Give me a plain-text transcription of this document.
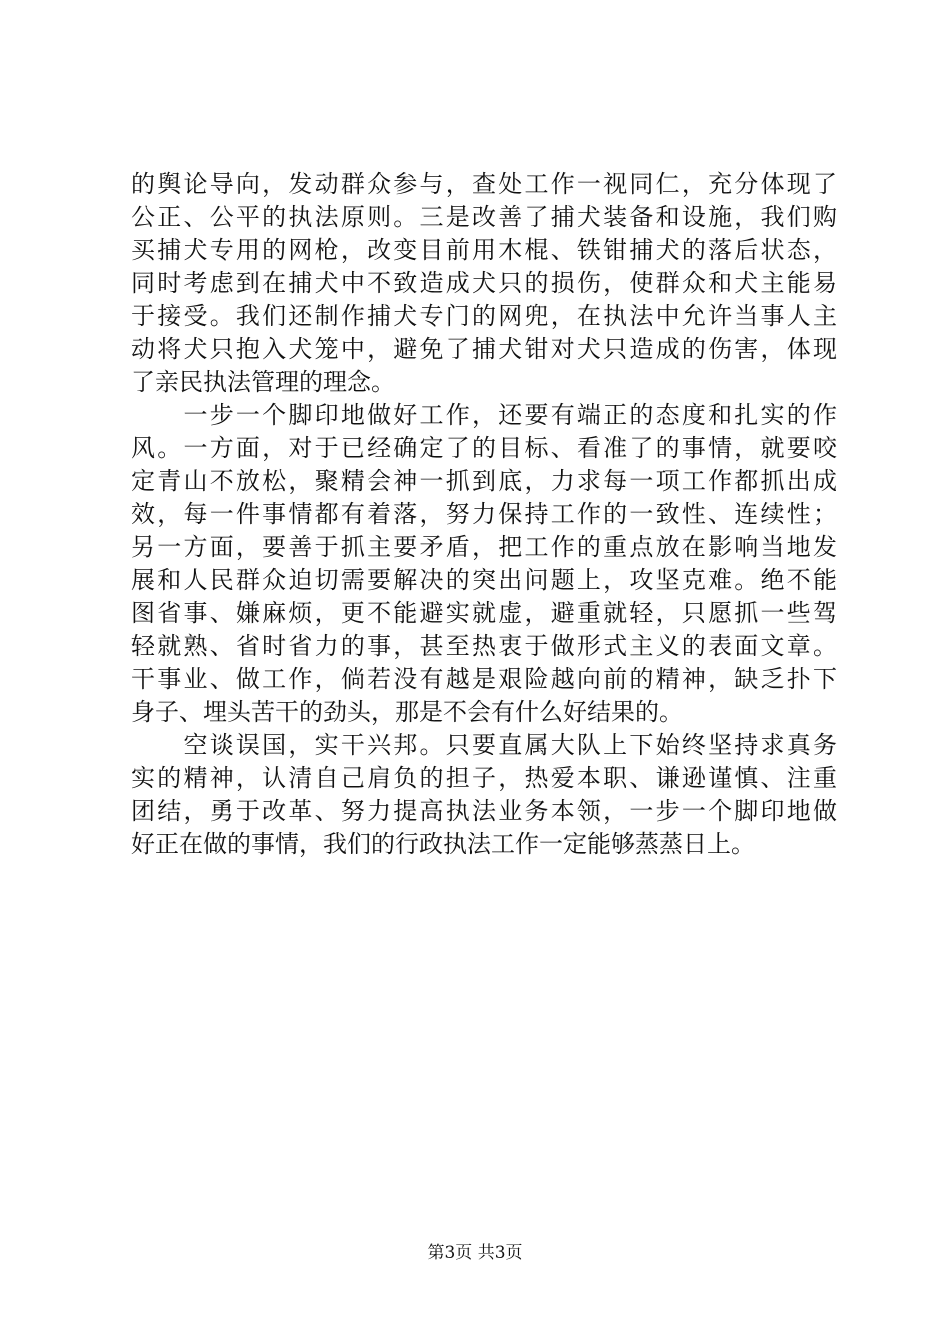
的舆论导向，发动群众参与，查处工作一视同仁，充分体现了
公正、公平的执法原则。三是改善了捕犬装备和设施，我们购
买捕犬专用的网枪，改变目前用木棍、铁钳捕犬的落后状态，
同时考虑到在捕犬中不致造成犬只的损伤，使群众和犬主能易
于接受。我们还制作捕犬专门的网兜，在执法中允许当事人主
动将犬只抱入犬笼中，避免了捕犬钳对犬只造成的伤害，体现
了亲民执法管理的理念。
　　一步一个脚印地做好工作，还要有端正的态度和扎实的作
风。一方面，对于已经确定了的目标、看准了的事情，就要咬
定青山不放松，聚精会神一抓到底，力求每一项工作都抓出成
效，每一件事情都有着落，努力保持工作的一致性、连续性；
另一方面，要善于抓主要矛盾，把工作的重点放在影响当地发
展和人民群众迫切需要解决的突出问题上，攻坚克难。绝不能
图省事、嫌麻烦，更不能避实就虚，避重就轻，只愿抓一些驾
轻就熟、省时省力的事，甚至热衷于做形式主义的表面文章。
干事业、做工作，倘若没有越是艰险越向前的精神，缺乏扑下
身子、埋头苦干的劲头，那是不会有什么好结果的。
　　空谈误国，实干兴邦。只要直属大队上下始终坚持求真务
实的精神，认清自己肩负的担子，热爱本职、谦逊谨慎、注重
团结，勇于改革、努力提高执法业务本领，一步一个脚印地做
好正在做的事情，我们的行政执法工作一定能够蒸蒸日上。
第3页 共3页
